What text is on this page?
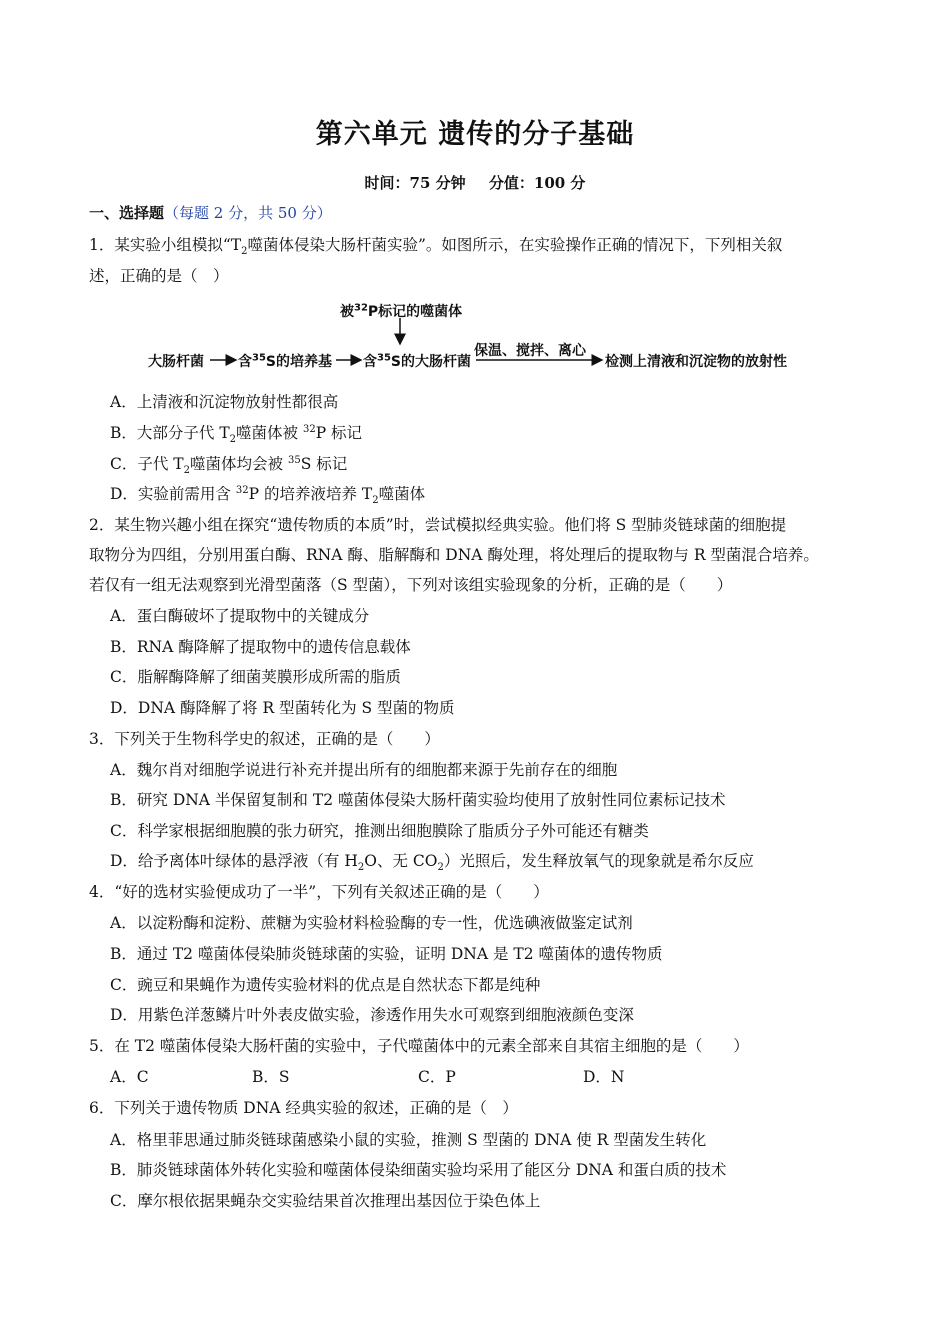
第六单元 遗传的分子基础
时间：75 分钟 分值：100 分
一、选择题（每题 2 分，共 50 分）
1．某实验小组模拟“$T_2$噬菌体侵染大肠杆菌实验”。如图所示，在实验操作正确的情况下，下列相关叙
述，正确的是（　）
被$^{32}$P标记的噬菌体
大肠杆菌 含$^{35}$S的培养基 含$^{35}$S的大肠杆菌
保温、搅拌、离心
检测上清液和沉淀物的放射性
A．上清液和沉淀物放射性都很高
B．大部分子代 $T_2$噬菌体被 $^{32}$P 标记
C．子代 $T_2$噬菌体均会被 $^{35}$S 标记
D．实验前需用含 $^{32}$P 的培养液培养 $T_2$噬菌体
2．某生物兴趣小组在探究“遗传物质的本质”时，尝试模拟经典实验。他们将 S 型肺炎链球菌的细胞提
取物分为四组，分别用蛋白酶、RNA 酶、脂解酶和 DNA 酶处理，将处理后的提取物与 R 型菌混合培养。
若仅有一组无法观察到光滑型菌落（S 型菌），下列对该组实验现象的分析，正确的是（　　）
A．蛋白酶破坏了提取物中的关键成分
B．RNA 酶降解了提取物中的遗传信息载体
C．脂解酶降解了细菌荚膜形成所需的脂质
D．DNA 酶降解了将 R 型菌转化为 S 型菌的物质
3．下列关于生物科学史的叙述，正确的是（　　）
A．魏尔肖对细胞学说进行补充并提出所有的细胞都来源于先前存在的细胞
B．研究 DNA 半保留复制和 T2 噬菌体侵染大肠杆菌实验均使用了放射性同位素标记技术
C．科学家根据细胞膜的张力研究，推测出细胞膜除了脂质分子外可能还有糖类
D．给予离体叶绿体的悬浮液（有 $H_2O$、无 $CO_2$）光照后，发生释放氧气的现象就是希尔反应
4．“好的选材实验便成功了一半”，下列有关叙述正确的是（　　）
A．以淀粉酶和淀粉、蔗糖为实验材料检验酶的专一性，优选碘液做鉴定试剂
B．通过 T2 噬菌体侵染肺炎链球菌的实验，证明 DNA 是 T2 噬菌体的遗传物质
C．豌豆和果蝇作为遗传实验材料的优点是自然状态下都是纯种
D．用紫色洋葱鳞片叶外表皮做实验，渗透作用失水可观察到细胞液颜色变深
5．在 T2 噬菌体侵染大肠杆菌的实验中，子代噬菌体中的元素全部来自其宿主细胞的是（　　）
A．C	B．S	C．P	D．N
6．下列关于遗传物质 DNA 经典实验的叙述，正确的是（　）
A．格里菲思通过肺炎链球菌感染小鼠的实验，推测 S 型菌的 DNA 使 R 型菌发生转化
B．肺炎链球菌体外转化实验和噬菌体侵染细菌实验均采用了能区分 DNA 和蛋白质的技术
C．摩尔根依据果蝇杂交实验结果首次推理出基因位于染色体上
